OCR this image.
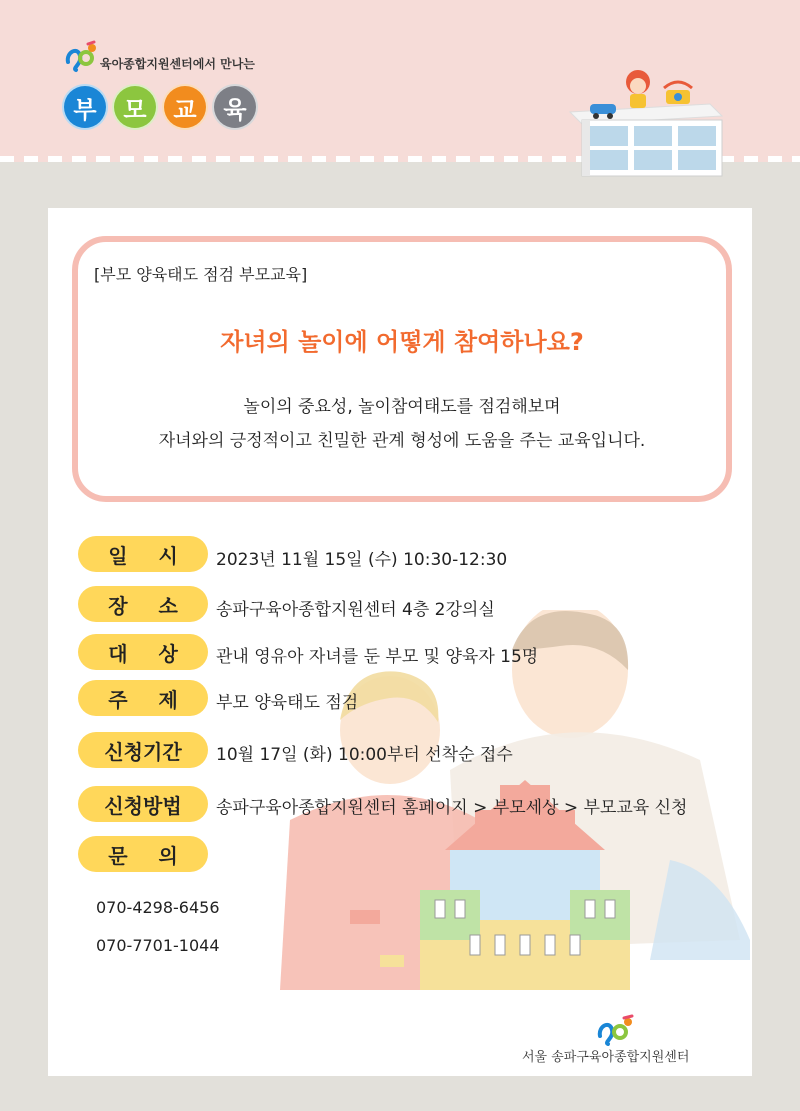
육아종합지원센터에서 만나는
부	모	교	육
[부모 양육태도 점검 부모교육]
자녀의 놀이에 어떻게 참여하나요?
놀이의 중요성, 놀이참여태도를 점검해보며
자녀와의 긍정적이고 친밀한 관계 형성에 도움을 주는 교육입니다.
일 시	2023년 11월 15일 (수) 10:30-12:30
장 소	송파구육아종합지원센터 4층 2강의실
대 상	관내 영유아 자녀를 둔 부모 및 양육자 15명
주 제	부모 양육태도 점검
신청기간	10월 17일 (화) 10:00부터 선착순 접수
신청방법	송파구육아종합지원센터 홈페이지 > 부모세상 > 부모교육 신청
문 의
070-4298-6456
070-7701-1044
서울 송파구육아종합지원센터
